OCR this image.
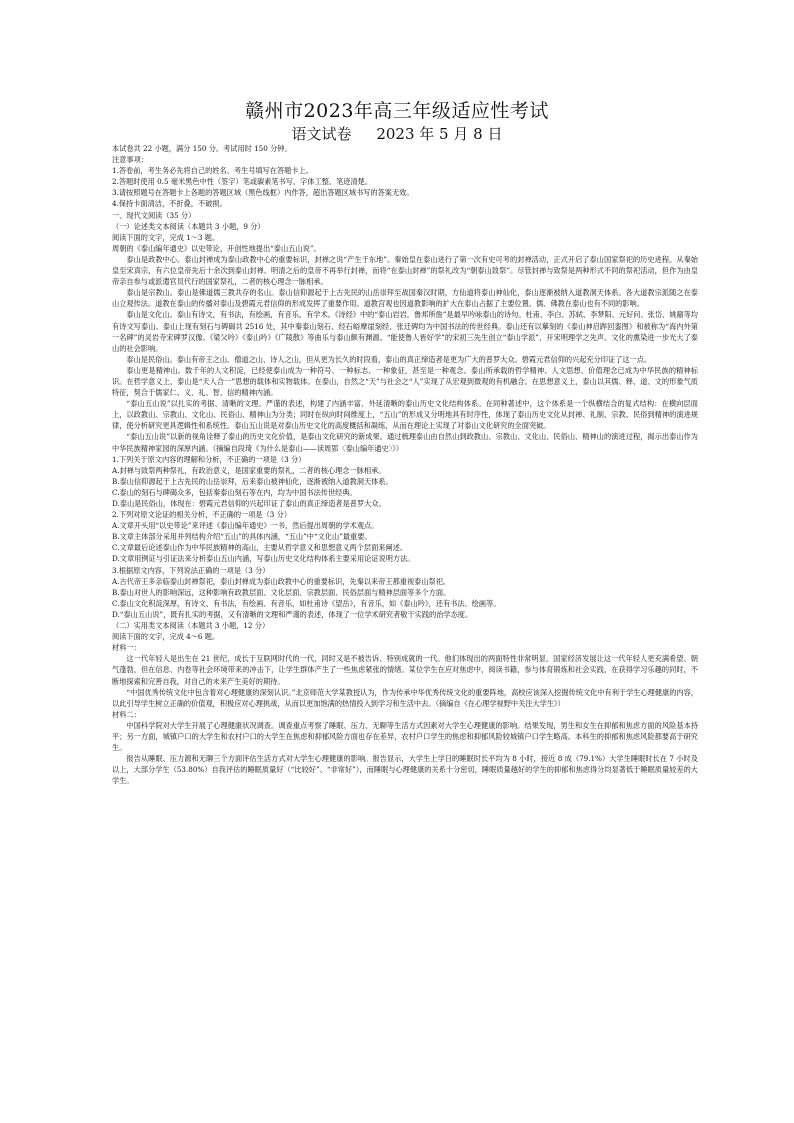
赣州市2023年高三年级适应性考试
语文试卷 2023 年 5 月 8 日
本试卷共 22 小题，满分 150 分。考试用时 150 分钟。
注意事项：
1.答卷前，考生务必先将自己的姓名、考生号填写在答题卡上。
2.答题时使用 0.5 毫米黑色中性（签字）笔或碳素笔书写，字体工整、笔迹清楚。
3.请按照题号在答题卡上各题的答题区域（黑色线框）内作答，超出答题区域书写的答案无效。
4.保持卡面清洁，不折叠，不破损。
一、现代文阅读（35 分）
（一）论述类文本阅读（本题共 3 小题，9 分）
阅读下面的文字，完成 1～3 题。
周朝的《泰山编年通史》以史带论，开创性地提出“泰山五山说”。
泰山是政教中心。泰山封禅成为泰山政教中心的重要标识，封禅之说“产生于东地”。秦始皇在泰山进行了第一次有史可考的封禅活动，正式开启了泰山国家祭祀的历史进程。从秦始皇至宋真宗，有六位皇帝先后十余次到泰山封禅。明清之后的皇帝不再举行封禅，而将“在泰山封禅”的祭礼改为“朝泰山致祭”。尽管封禅与致祭是两种形式不同的祭祀活动，但作为由皇帝亲自参与或派遣官员代行的国家祭礼，二者的核心理念一脉相承。
泰山是宗教山。泰山是佛道儒三教共存的名山。泰山信仰源起于上古先民的山岳崇拜至战国秦汉时期，方仙道将泰山神仙化，泰山逐渐被纳入道教洞天体系。各大道教宗派随之在泰山立观传法。道教在泰山的传播对泰山及碧霞元君信仰的形成发挥了重要作用。道教宫观也因道教影响的扩大在泰山占据了主要位置。儒、佛教在泰山也有不同的影响。
泰山是文化山。泰山有诗文，有书法，有绘画，有音乐，有学术。《诗经》中的“泰山岩岩，鲁邦所詹”是最早吟咏泰山的诗句。杜甫、李白、苏轼、李梦阳、元好问、张岱、姚鼐等均有诗文写泰山。泰山上现有刻石与碑碣共 2516 处，其中秦泰山刻石、经石峪摩崖刻经、张迁碑均为中国书法的传世经典。泰山还有以摹刻的《泰山神启跸回銮图》和被称为“海内外第一名碑”的灵岩寺宋碑罗汉像。《梁父吟》《泰山吟》《广陵散》等曲乐与泰山颇有渊源。“能使鲁人皆好学”的宋初三先生创立“泰山学派”，开宋明理学之先声。文化的熏染进一步光大了泰山的社会影响。
泰山是民俗山。泰山有帝王之山、僧道之山、诗人之山，但从更为长久的时段看，泰山的真正缔造者是更为广大的普罗大众。碧霞元君信仰的兴起充分印证了这一点。
泰山更是精神山。数千年的人文积淀，已经使泰山成为一种符号、一种标志、一种象征，甚至是一种观念。泰山所承载的哲学精神、人文思想、价值理念已成为中华民族的精神标识。在哲学意义上，泰山是“天人合一”思想的载体和实物载体。在泰山，自然之“天”与社会之“人”实现了从宏观到微观的有机融合。在思想意义上，泰山以其儒、释、道、文的形象气质特征，契合于儒家仁、义、礼、智、信的精神内涵。
“泰山五山说”以扎实的考据、清晰的文理、严谨的表述，构建了内涵丰富、外延清晰的泰山历史文化结构体系。在同种著述中，这个体系是一个纵横结合的复式结构：在横向层面上，以政教山、宗教山、文化山、民俗山、精神山为分类；同时在纵向时间维度上，“五山”的形成又分明地具有时序性，体现了泰山历史文化从封禅、礼制、宗教、民俗到精神的演进规律，使分析研究更具逻辑性和系统性。泰山五山说是对泰山历史文化的高度概括和凝练，从而在理论上实现了对泰山文化研究的全面突破。
“泰山五山说”以新的视角诠释了泰山的历史文化价值，是泰山文化研究的新成果。通过梳理泰山由自然山到政教山、宗教山、文化山、民俗山、精神山的演进过程，揭示出泰山作为中华民族精神家园的深厚内涵。（摘编自段琦《为什么是泰山——读周郢〈泰山编年通史〉》）
1.下列关于原文内容的理解和分析，不正确的一项是（3 分）
A.封禅与致祭两种祭礼，有政治意义，是国家重要的祭礼，二者的核心理念一脉相承。
B.泰山信仰源起于上古先民的山岳崇拜，后来泰山被神仙化，逐渐被纳入道教洞天体系。
C.泰山的刻石与碑碣众多，包括秦泰山刻石等在内，均为中国书法传世经典。
D.泰山是民俗山，体现在：碧霞元君信仰的兴起印证了泰山的真正缔造者是普罗大众。
2.下列对原文论证的相关分析，不正确的一项是（3 分）
A.文章开头用“以史带论”来评述《泰山编年通史》一书，然后提出周朝的学术观点。
B.文章主体部分采用并列结构介绍“五山”的具体内涵，“五山”中“文化山”最重要。
C.文章最后论述泰山作为中华民族精神的高山，主要从哲学意义和思想意义两个层面来阐述。
D.文章用例证与引证法来分析泰山五山内涵，写泰山历史文化结构体系主要采用论证说明方法。
3.根据原文内容，下列说法正确的一项是（3 分）
A.古代帝王多亲临泰山封禅祭祀，泰山封禅成为泰山政教中心的重要标识，先秦以来帝王都重视泰山祭祀。
B.泰山对世人的影响深远，这种影响有政教层面、文化层面、宗教层面、民俗层面与精神层面等多个方面。
C.泰山文化积淀深厚，有诗文、有书法，有绘画、有音乐，如杜甫诗《望岳》，有音乐，如《泰山吟》，还有书法、绘画等。
D.“泰山五山说”，既有扎实的考据，又有清晰的文理和严谨的表述，体现了一位学术研究者敬干实践的治学态度。
（二）实用类文本阅读（本题共 3 小题，12 分）
阅读下面的文字，完成 4～6 题。
材料一：
这一代年轻人是出生在 21 世纪，成长于互联网时代的一代，同时又是不被告诉、特别成就的一代。他们体现出的两面特性非常明显。国家经济发展让这一代年轻人更充满希望、朝气蓬勃，但在信息、内卷等社会环境带来的冲击下，让学生群体产生了一些焦虑紧张的情绪。某位学生在应对焦虑中，阅读书籍，参与体育锻炼和社会实践，在获得学习乐趣的同时，不断地探索和完善自我，对自己的未来产生美好的期待。
“中国优秀传统文化中包含着对心理健康的深刻认识。”北京师范大学某教授认为，作为传承中华优秀传统文化的重要阵地，高校应该深入挖掘传统文化中有利于学生心理健康的内容，以此引导学生树立正确的价值观，积极应对心理挑战，从而以更加饱满的热情投入到学习和生活中去。（摘编自《在心理学视野中关注大学生》）
材料二：
中国科学院对大学生开展了心理健康状况调查。调查重点考察了睡眠、压力、无聊等生活方式因素对大学生心理健康的影响。结果发现，男生和女生在抑郁和焦虑方面的风险基本持平；另一方面，城镇户口的大学生和农村户口的大学生在焦虑和抑郁风险方面也存在差异，农村户口学生的焦虑和抑郁风险较城镇户口学生略高。本科生的抑郁和焦虑风险都要高于研究生。
报告从睡眠、压力源和无聊三个方面评估生活方式对大学生心理健康的影响。报告显示，大学生上学日的睡眠时长平均为 8 小时，接近 8 成（79.1%）大学生睡眠时长在 7 小时及以上，大部分学生（53.80%）自我评估的睡眠质量好（“比较好”、“非常好”），而睡眠与心理健康的关系十分密切，睡眠质量越好的学生的抑郁和焦虑得分均显著低于睡眠质量较差的大学生。
